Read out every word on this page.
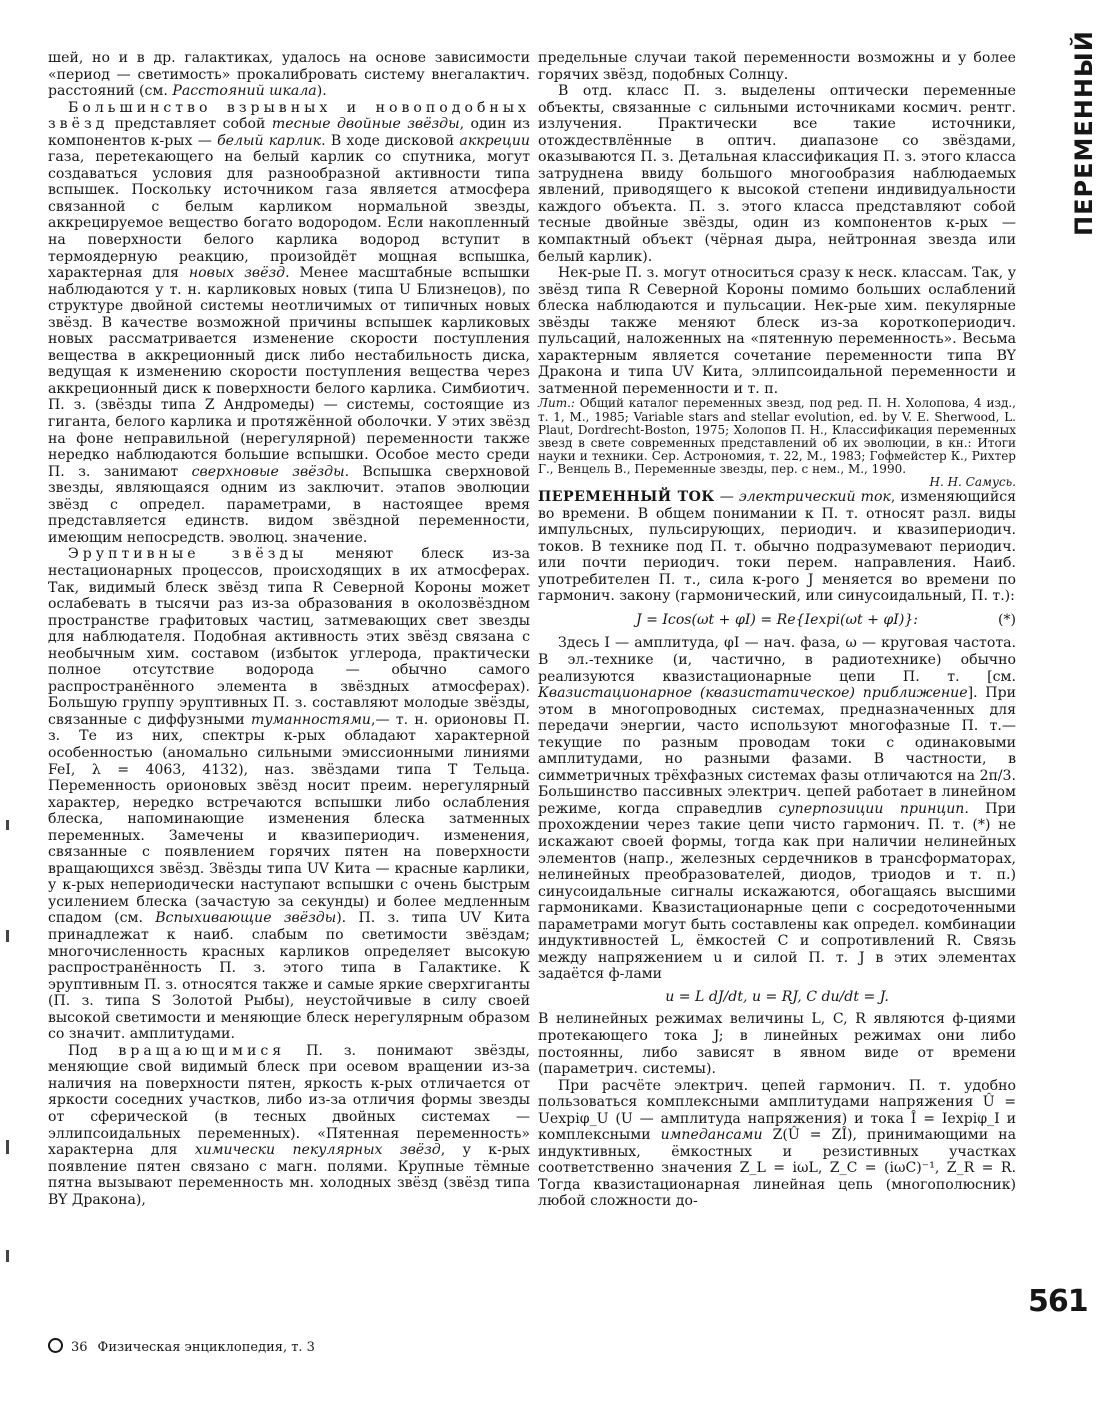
ПЕРЕМЕННЫЙ

шей, но и в др. галактиках, удалось на основе зависимости «период — светимость» прокалибровать систему внегалактич. расстояний (см. Расстояний шкала).

Большинство взрывных и новоподобных звёзд представляет собой тесные двойные звёзды, один из компонентов к-рых — белый карлик. В ходе дисковой аккреции газа, перетекающего на белый карлик со спутника, могут создаваться условия для разнообразной активности типа вспышек. Поскольку источником газа является атмосфера связанной с белым карликом нормальной звезды, аккрецируемое вещество богато водородом. Если накопленный на поверхности белого карлика водород вступит в термоядерную реакцию, произойдёт мощная вспышка, характерная для новых звёзд. Менее масштабные вспышки наблюдаются у т. н. карликовых новых (типа U Близнецов), по структуре двойной системы неотличимых от типичных новых звёзд. В качестве возможной причины вспышек карликовых новых рассматривается изменение скорости поступления вещества в аккреционный диск либо нестабильность диска, ведущая к изменению скорости поступления вещества через аккреционный диск к поверхности белого карлика. Симбиотич. П. з. (звёзды типа Z Андромеды) — системы, состоящие из гиганта, белого карлика и протяжённой оболочки. У этих звёзд на фоне неправильной (нерегулярной) переменности также нередко наблюдаются большие вспышки. Особое место среди П. з. занимают сверхновые звёзды. Вспышка сверхновой звезды, являющаяся одним из заключит. этапов эволюции звёзд с определ. параметрами, в настоящее время представляется единств. видом звёздной переменности, имеющим непосредств. эволюц. значение.

Эруптивные звёзды меняют блеск из-за нестационарных процессов, происходящих в их атмосферах. Так, видимый блеск звёзд типа R Северной Короны может ослабевать в тысячи раз из-за образования в околозвёздном пространстве графитовых частиц, затмевающих свет звезды для наблюдателя. Подобная активность этих звёзд связана с необычным хим. составом (избыток углерода, практически полное отсутствие водорода — обычно самого распространённого элемента в звёздных атмосферах). Большую группу эруптивных П. з. составляют молодые звёзды, связанные с диффузными туманностями,— т. н. орионовы П. з. Те из них, спектры к-рых обладают характерной особенностью (аномально сильными эмиссионными линиями FeI, λ = 4063, 4132), наз. звёздами типа T Тельца. Переменность орионовых звёзд носит преим. нерегулярный характер, нередко встречаются вспышки либо ослабления блеска, напоминающие изменения блеска затменных переменных. Замечены и квазипериодич. изменения, связанные с появлением горячих пятен на поверхности вращающихся звёзд. Звёзды типа UV Кита — красные карлики, у к-рых непериодически наступают вспышки с очень быстрым усилением блеска (зачастую за секунды) и более медленным спадом (см. Вспыхивающие звёзды). П. з. типа UV Кита принадлежат к наиб. слабым по светимости звёздам; многочисленность красных карликов определяет высокую распространённость П. з. этого типа в Галактике. К эруптивным П. з. относятся также и самые яркие сверхгиганты (П. з. типа S Золотой Рыбы), неустойчивые в силу своей высокой светимости и меняющие блеск нерегулярным образом со значит. амплитудами.

Под вращающимися П. з. понимают звёзды, меняющие свой видимый блеск при осевом вращении из-за наличия на поверхности пятен, яркость к-рых отличается от яркости соседних участков, либо из-за отличия формы звезды от сферической (в тесных двойных системах — эллипсоидальных переменных). «Пятенная переменность» характерна для химически пекулярных звёзд, у к-рых появление пятен связано с магн. полями. Крупные тёмные пятна вызывают переменность мн. холодных звёзд (звёзд типа BY Дракона),

предельные случаи такой переменности возможны и у более горячих звёзд, подобных Солнцу.

В отд. класс П. з. выделены оптически переменные объекты, связанные с сильными источниками космич. рентг. излучения. Практически все такие источники, отождествлённые в оптич. диапазоне со звёздами, оказываются П. з. Детальная классификация П. з. этого класса затруднена ввиду большого многообразия наблюдаемых явлений, приводящего к высокой степени индивидуальности каждого объекта. П. з. этого класса представляют собой тесные двойные звёзды, один из компонентов к-рых — компактный объект (чёрная дыра, нейтронная звезда или белый карлик).

Нек-рые П. з. могут относиться сразу к неск. классам. Так, у звёзд типа R Северной Короны помимо больших ослаблений блеска наблюдаются и пульсации. Нек-рые хим. пекулярные звёзды также меняют блеск из-за короткопериодич. пульсаций, наложенных на «пятенную переменность». Весьма характерным является сочетание переменности типа BY Дракона и типа UV Кита, эллипсоидальной переменности и затменной переменности и т. п.

Лит.: Общий каталог переменных звезд, под ред. П. Н. Холопова, 4 изд., т. 1, М., 1985; Variable stars and stellar evolution, ed. by V. E. Sherwood, L. Plaut, Dordrecht-Boston, 1975; Холопов П. Н., Классификация переменных звезд в свете современных представлений об их эволюции, в кн.: Итоги науки и техники. Сер. Астрономия, т. 22, М., 1983; Гофмейстер К., Рихтер Г., Венцель В., Переменные звезды, пер. с нем., М., 1990.

Н. Н. Самусь.

ПЕРЕМЕННЫЙ ТОК — электрический ток, изменяющийся во времени. В общем понимании к П. т. относят разл. виды импульсных, пульсирующих, периодич. и квазипериодич. токов. В технике под П. т. обычно подразумевают периодич. или почти периодич. токи перем. направления. Наиб. употребителен П. т., сила к-рого J меняется во времени по гармонич. закону (гармонический, или синусоидальный, П. т.):

J = Icos(ωt + φI) = Re{Iexpi(ωt + φI)}:	(*)

Здесь I — амплитуда, φI — нач. фаза, ω — круговая частота. В эл.-технике (и, частично, в радиотехнике) обычно реализуются квазистационарные цепи П. т. [см. Квазистационарное (квазистатическое) приближение]. При этом в многопроводных системах, предназначенных для передачи энергии, часто используют многофазные П. т.— текущие по разным проводам токи с одинаковыми амплитудами, но разными фазами. В частности, в симметричных трёхфазных системах фазы отличаются на 2π/3. Большинство пассивных электрич. цепей работает в линейном режиме, когда справедлив суперпозиции принцип. При прохождении через такие цепи чисто гармонич. П. т. (*) не искажают своей формы, тогда как при наличии нелинейных элементов (напр., железных сердечников в трансформаторах, нелинейных преобразователей, диодов, триодов и т. п.) синусоидальные сигналы искажаются, обогащаясь высшими гармониками. Квазистационарные цепи с сосредоточенными параметрами могут быть составлены как определ. комбинации индуктивностей L, ёмкостей C и сопротивлений R. Связь между напряжением u и силой П. т. J в этих элементах задаётся ф-лами

u = L dJ/dt, u = RJ, C du/dt = J.

В нелинейных режимах величины L, C, R являются ф-циями протекающего тока J; в линейных режимах они либо постоянны, либо зависят в явном виде от времени (параметрич. системы).

При расчёте электрич. цепей гармонич. П. т. удобно пользоваться комплексными амплитудами напряжения Û = Uexpiφ_U (U — амплитуда напряжения) и тока Î = Iexpiφ_I и комплексными импедансами Z(Û = ZÎ), принимающими на индуктивных, ёмкостных и резистивных участках соответственно значения Z_L = iωL, Z_C = (iωC)⁻¹, Z_R = R. Тогда квазистационарная линейная цепь (многополюсник) любой сложности до-

561
36 Физическая энциклопедия, т. 3
